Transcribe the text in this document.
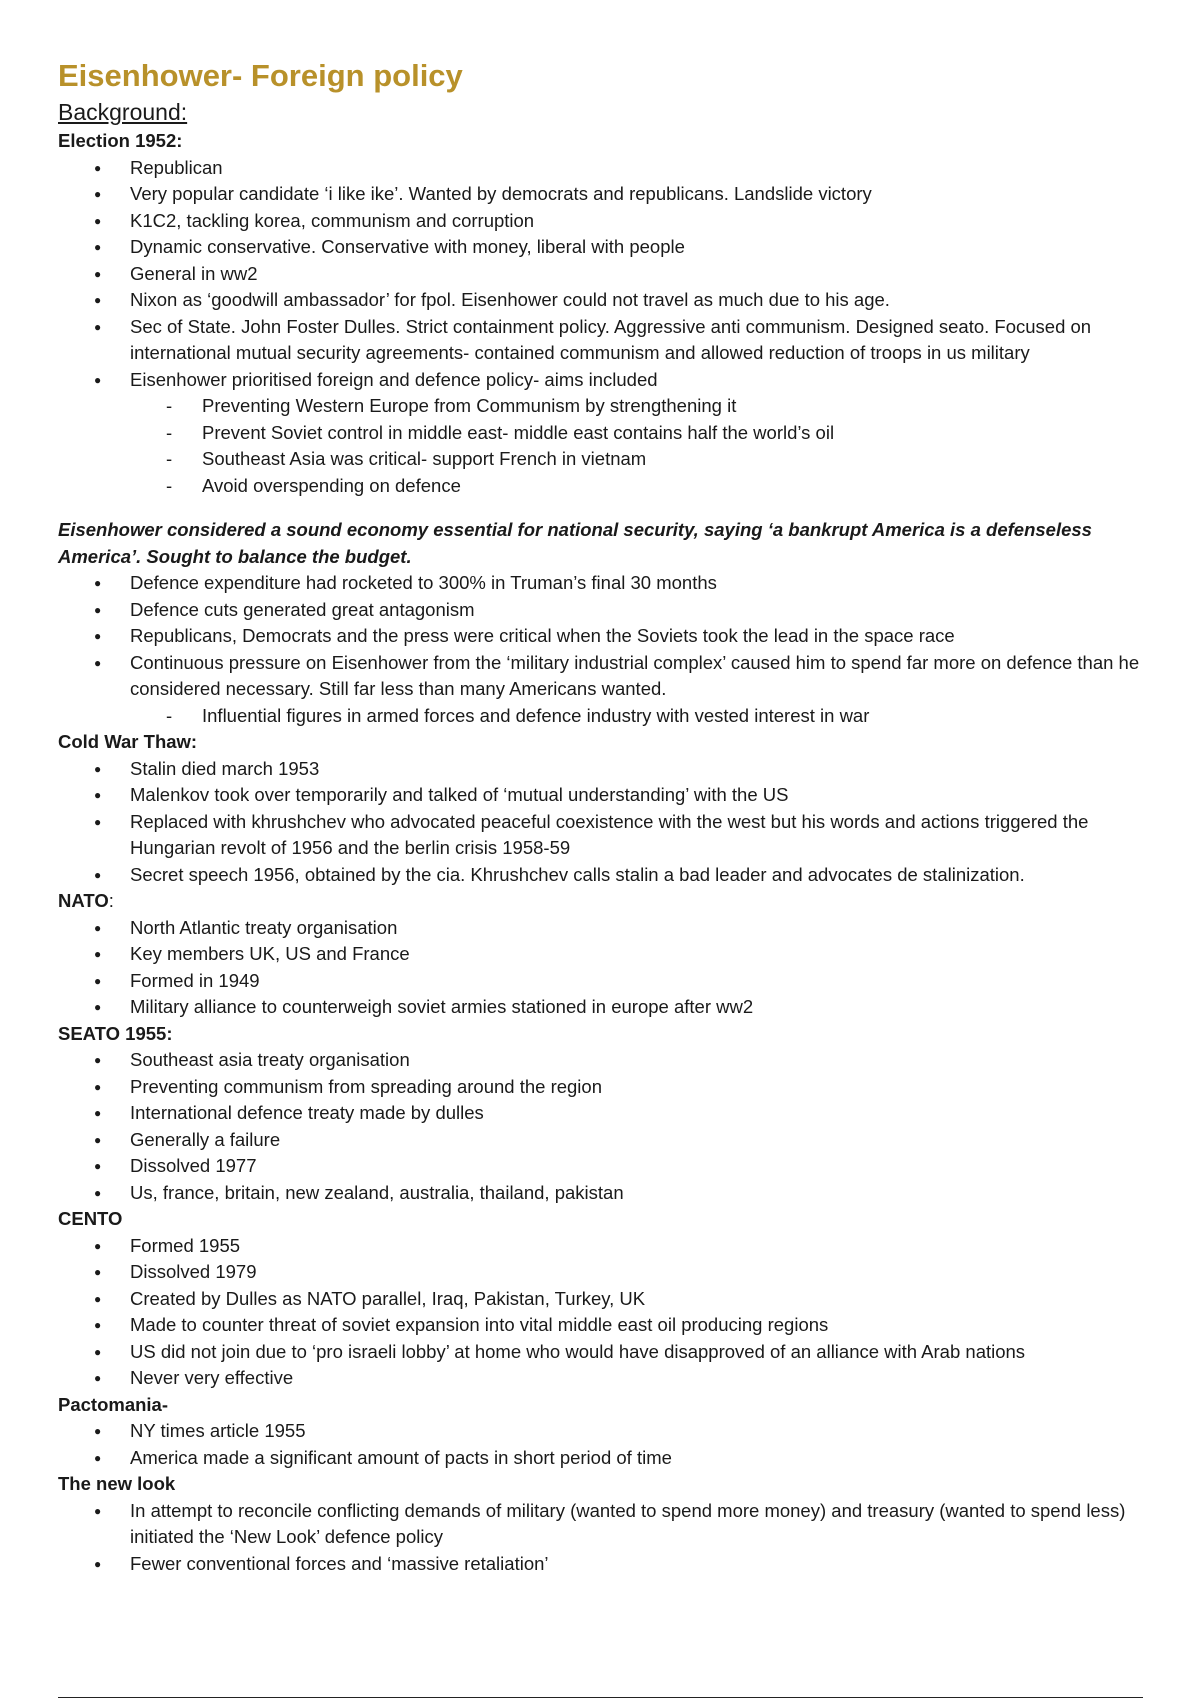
Eisenhower- Foreign policy
Background:
Election 1952:
● Republican
● Very popular candidate ‘i like ike’. Wanted by democrats and republicans. Landslide victory
● K1C2, tackling korea, communism and corruption
● Dynamic conservative. Conservative with money, liberal with people
● General in ww2
● Nixon as ‘goodwill ambassador’ for fpol. Eisenhower could not travel as much due to his age.
● Sec of State. John Foster Dulles. Strict containment policy. Aggressive anti communism. Designed seato. Focused on international mutual security agreements- contained communism and allowed reduction of troops in us military
● Eisenhower prioritised foreign and defence policy- aims included
- Preventing Western Europe from Communism by strengthening it
- Prevent Soviet control in middle east- middle east contains half the world’s oil
- Southeast Asia was critical- support French in vietnam
- Avoid overspending on defence
Eisenhower considered a sound economy essential for national security, saying ‘a bankrupt America is a defenseless America’. Sought to balance the budget.
● Defence expenditure had rocketed to 300% in Truman’s final 30 months
● Defence cuts generated great antagonism
● Republicans, Democrats and the press were critical when the Soviets took the lead in the space race
● Continuous pressure on Eisenhower from the ‘military industrial complex’ caused him to spend far more on defence than he considered necessary. Still far less than many Americans wanted.
- Influential figures in armed forces and defence industry with vested interest in war
Cold War Thaw:
● Stalin died march 1953
● Malenkov took over temporarily and talked of ‘mutual understanding’ with the US
● Replaced with khrushchev who advocated peaceful coexistence with the west but his words and actions triggered the Hungarian revolt of 1956 and the berlin crisis 1958-59
● Secret speech 1956, obtained by the cia. Khrushchev calls stalin a bad leader and advocates de stalinization.
NATO:
● North Atlantic treaty organisation
● Key members UK, US and France
● Formed in 1949
● Military alliance to counterweigh soviet armies stationed in europe after ww2
SEATO 1955:
● Southeast asia treaty organisation
● Preventing communism from spreading around the region
● International defence treaty made by dulles
● Generally a failure
● Dissolved 1977
● Us, france, britain, new zealand, australia, thailand, pakistan
CENTO
● Formed 1955
● Dissolved 1979
● Created by Dulles as NATO parallel, Iraq, Pakistan, Turkey, UK
● Made to counter threat of soviet expansion into vital middle east oil producing regions
● US did not join due to ‘pro israeli lobby’ at home who would have disapproved of an alliance with Arab nations
● Never very effective
Pactomania-
● NY times article 1955
● America made a significant amount of pacts in short period of time
The new look
● In attempt to reconcile conflicting demands of military (wanted to spend more money) and treasury (wanted to spend less) initiated the ‘New Look’ defence policy
● Fewer conventional forces and ‘massive retaliation’
